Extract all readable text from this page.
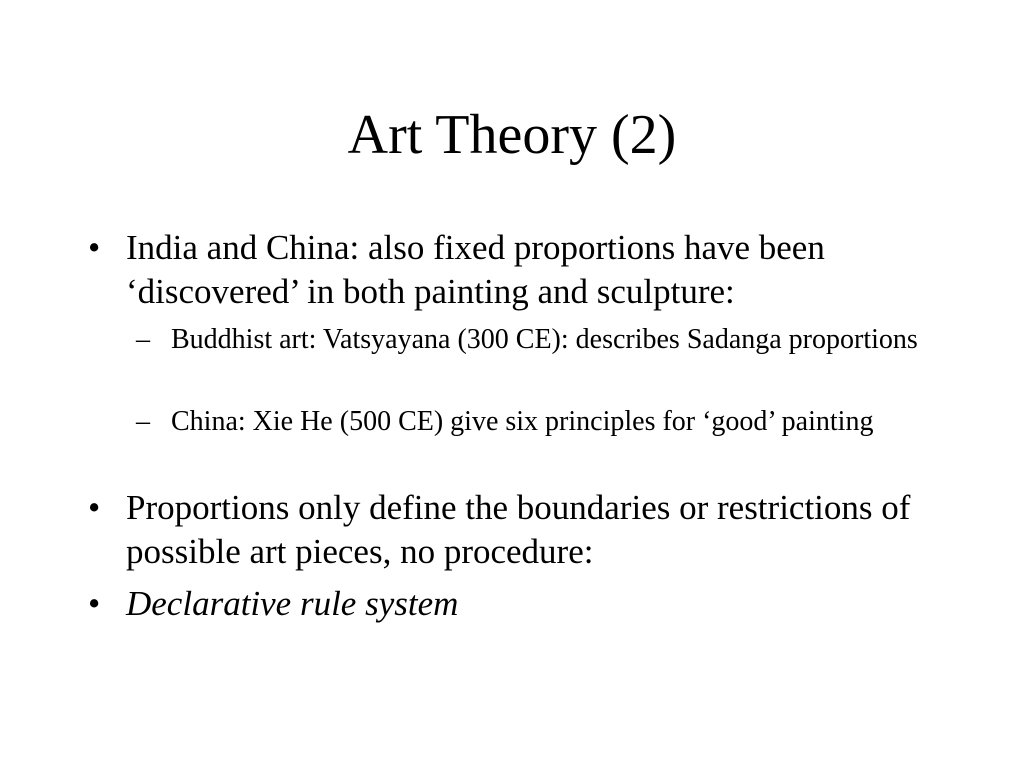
Art Theory (2)
• India and China: also fixed proportions have been ‘discovered’ in both painting and sculpture:
– Buddhist art: Vatsyayana (300 CE): describes Sadanga proportions
– China: Xie He (500 CE) give six principles for ‘good’ painting
• Proportions only define the boundaries or restrictions of possible art pieces, no procedure:
• Declarative rule system
